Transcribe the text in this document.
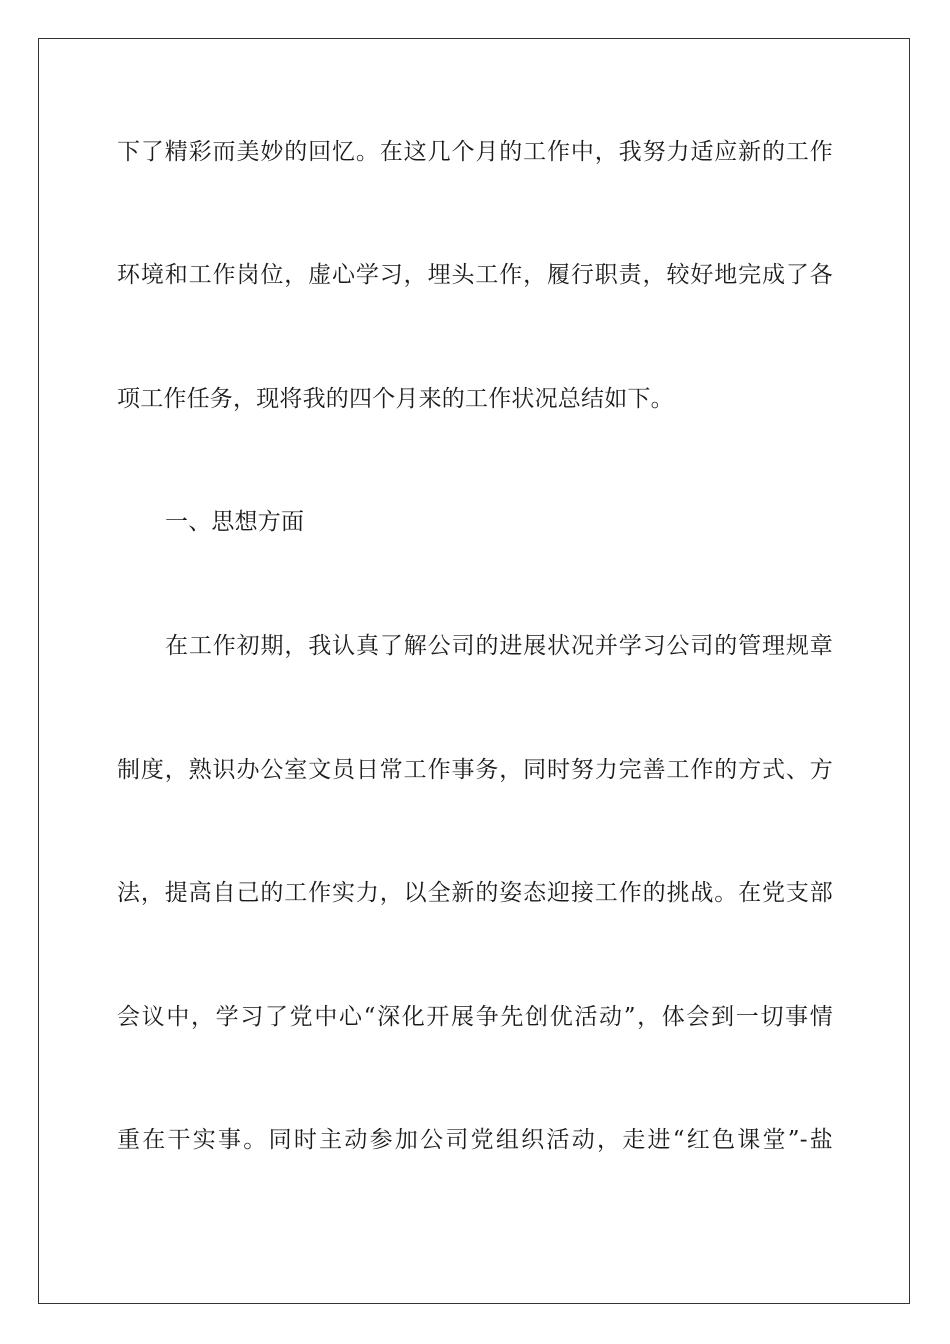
下了精彩而美妙的回忆。在这几个月的工作中，我努力适应新的工作
环境和工作岗位，虚心学习，埋头工作，履行职责，较好地完成了各
项工作任务，现将我的四个月来的工作状况总结如下。
一、思想方面
在工作初期，我认真了解公司的进展状况并学习公司的管理规章
制度，熟识办公室文员日常工作事务，同时努力完善工作的方式、方
法，提高自己的工作实力，以全新的姿态迎接工作的挑战。在党支部
会议中，学习了党中心“深化开展争先创优活动”，体会到一切事情
重在干实事。同时主动参加公司党组织活动，走进“红色课堂”-盐
